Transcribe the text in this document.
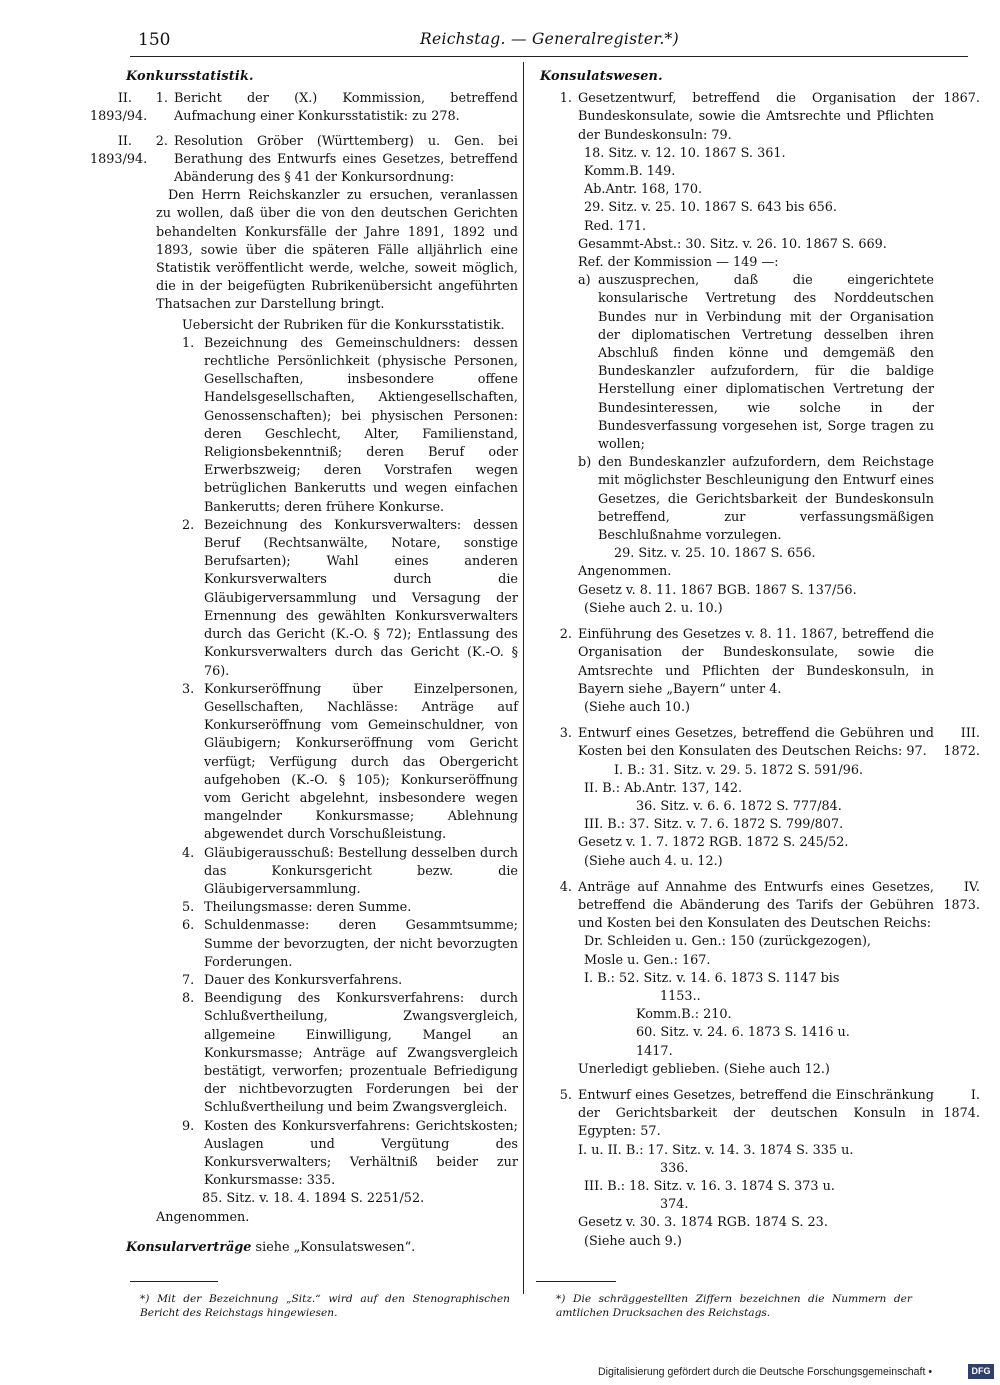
150	Reichstag. — Generalregister.*)
Konkursstatistik.
II.
1893/94.
1. Bericht der (X.) Kommission, betreffend Aufmachung einer Konkursstatistik: zu 278.
II.
1893/94.
2. Resolution Gröber (Württemberg) u. Gen. bei Berathung des Entwurfs eines Gesetzes, betreffend Abänderung des § 41 der Konkursordnung:
Den Herrn Reichskanzler zu ersuchen, veranlassen zu wollen, daß über die von den deutschen Gerichten behandelten Konkursfälle der Jahre 1891, 1892 und 1893, sowie über die späteren Fälle alljährlich eine Statistik veröffentlicht werde, welche, soweit möglich, die in der beigefügten Rubrikenübersicht angeführten Thatsachen zur Darstellung bringt.
Uebersicht der Rubriken für die Konkursstatistik.
1. Bezeichnung des Gemeinschuldners: dessen rechtliche Persönlichkeit (physische Personen, Gesellschaften, insbesondere offene Handelsgesellschaften, Aktiengesellschaften, Genossenschaften); bei physischen Personen: deren Geschlecht, Alter, Familienstand, Religionsbekenntniß; deren Beruf oder Erwerbszweig; deren Vorstrafen wegen betrüglichen Bankerutts und wegen einfachen Bankerutts; deren frühere Konkurse.
2. Bezeichnung des Konkursverwalters: dessen Beruf (Rechtsanwälte, Notare, sonstige Berufsarten); Wahl eines anderen Konkursverwalters durch die Gläubigerversammlung und Versagung der Ernennung des gewählten Konkursverwalters durch das Gericht (K.-O. § 72); Entlassung des Konkursverwalters durch das Gericht (K.-O. § 76).
3. Konkurseröffnung über Einzelpersonen, Gesellschaften, Nachlässe: Anträge auf Konkurseröffnung vom Gemeinschuldner, von Gläubigern; Konkurseröffnung vom Gericht verfügt; Verfügung durch das Obergericht aufgehoben (K.-O. § 105); Konkurseröffnung vom Gericht abgelehnt, insbesondere wegen mangelnder Konkursmasse; Ablehnung abgewendet durch Vorschußleistung.
4. Gläubigerausschuß: Bestellung desselben durch das Konkursgericht bezw. die Gläubigerversammlung.
5. Theilungsmasse: deren Summe.
6. Schuldenmasse: deren Gesammtsumme; Summe der bevorzugten, der nicht bevorzugten Forderungen.
7. Dauer des Konkursverfahrens.
8. Beendigung des Konkursverfahrens: durch Schlußvertheilung, Zwangsvergleich, allgemeine Einwilligung, Mangel an Konkursmasse; Anträge auf Zwangsvergleich bestätigt, verworfen; prozentuale Befriedigung der nichtbevorzugten Forderungen bei der Schlußvertheilung und beim Zwangsvergleich.
9. Kosten des Konkursverfahrens: Gerichtskosten; Auslagen und Vergütung des Konkursverwalters; Verhältniß beider zur Konkursmasse: 335.
85. Sitz. v. 18. 4. 1894 S. 2251/52.
Angenommen.
Konsularverträge siehe „Konsulatswesen“.
Konsulatswesen.
1867.
1. Gesetzentwurf, betreffend die Organisation der Bundeskonsulate, sowie die Amtsrechte und Pflichten der Bundeskonsuln: 79.
18. Sitz. v. 12. 10. 1867 S. 361.
Komm.B. 149.
Ab.Antr. 168, 170.
29. Sitz. v. 25. 10. 1867 S. 643 bis 656.
Red. 171.
Gesammt-Abst.: 30. Sitz. v. 26. 10. 1867 S. 669.
Ref. der Kommission — 149 —:
a) auszusprechen, daß die eingerichtete konsularische Vertretung des Norddeutschen Bundes nur in Verbindung mit der Organisation der diplomatischen Vertretung desselben ihren Abschluß finden könne und demgemäß den Bundeskanzler aufzufordern, für die baldige Herstellung einer diplomatischen Vertretung der Bundesinteressen, wie solche in der Bundesverfassung vorgesehen ist, Sorge tragen zu wollen;
b) den Bundeskanzler aufzufordern, dem Reichstage mit möglichster Beschleunigung den Entwurf eines Gesetzes, die Gerichtsbarkeit der Bundeskonsuln betreffend, zur verfassungsmäßigen Beschlußnahme vorzulegen.
29. Sitz. v. 25. 10. 1867 S. 656.
Angenommen.
Gesetz v. 8. 11. 1867 BGB. 1867 S. 137/56.
(Siehe auch 2. u. 10.)
2. Einführung des Gesetzes v. 8. 11. 1867, betreffend die Organisation der Bundeskonsulate, sowie die Amtsrechte und Pflichten der Bundeskonsuln, in Bayern siehe „Bayern“ unter 4.
(Siehe auch 10.)
III.
1872.
3. Entwurf eines Gesetzes, betreffend die Gebühren und Kosten bei den Konsulaten des Deutschen Reichs: 97.
I. B.: 31. Sitz. v. 29. 5. 1872 S. 591/96.
II. B.: Ab.Antr. 137, 142.
36. Sitz. v. 6. 6. 1872 S. 777/84.
III. B.: 37. Sitz. v. 7. 6. 1872 S. 799/807.
Gesetz v. 1. 7. 1872 RGB. 1872 S. 245/52.
(Siehe auch 4. u. 12.)
IV.
1873.
4. Anträge auf Annahme des Entwurfs eines Gesetzes, betreffend die Abänderung des Tarifs der Gebühren und Kosten bei den Konsulaten des Deutschen Reichs:
Dr. Schleiden u. Gen.: 150 (zurückgezogen),
Mosle u. Gen.: 167.
I. B.: 52. Sitz. v. 14. 6. 1873 S. 1147 bis
1153..
Komm.B.: 210.
60. Sitz. v. 24. 6. 1873 S. 1416 u.
1417.
Unerledigt geblieben. (Siehe auch 12.)
I.
1874.
5. Entwurf eines Gesetzes, betreffend die Einschränkung der Gerichtsbarkeit der deutschen Konsuln in Egypten: 57.
I. u. II. B.: 17. Sitz. v. 14. 3. 1874 S. 335 u.
336.
III. B.: 18. Sitz. v. 16. 3. 1874 S. 373 u.
374.
Gesetz v. 30. 3. 1874 RGB. 1874 S. 23.
(Siehe auch 9.)
*) Mit der Bezeichnung „Sitz.“ wird auf den Stenographischen Bericht des Reichstags hingewiesen.
*) Die schräggestellten Ziffern bezeichnen die Nummern der amtlichen Drucksachen des Reichstags.
Digitalisierung gefördert durch die Deutsche Forschungsgemeinschaft •	DFG
